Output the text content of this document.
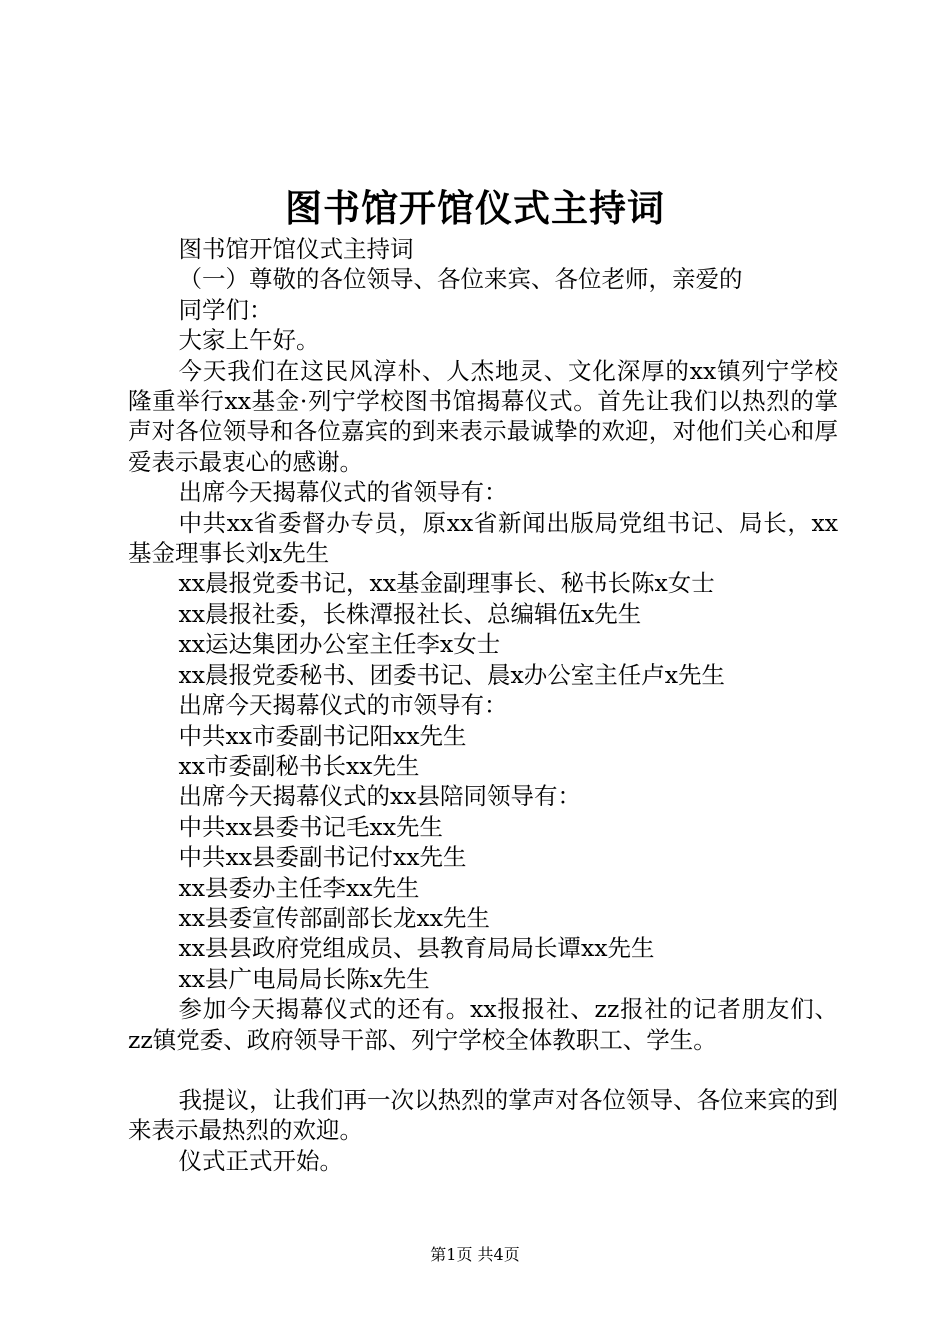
图书馆开馆仪式主持词

图书馆开馆仪式主持词

（一）尊敬的各位领导、各位来宾、各位老师，亲爱的

同学们：

大家上午好。

今天我们在这民风淳朴、人杰地灵、文化深厚的xx镇列宁学校隆重举行xx基金·列宁学校图书馆揭幕仪式。首先让我们以热烈的掌声对各位领导和各位嘉宾的到来表示最诚挚的欢迎，对他们关心和厚爱表示最衷心的感谢。

出席今天揭幕仪式的省领导有：

中共xx省委督办专员，原xx省新闻出版局党组书记、局长，xx基金理事长刘x先生

xx晨报党委书记，xx基金副理事长、秘书长陈x女士

xx晨报社委，长株潭报社长、总编辑伍x先生

xx运达集团办公室主任李x女士

xx晨报党委秘书、团委书记、晨x办公室主任卢x先生

出席今天揭幕仪式的市领导有：

中共xx市委副书记阳xx先生

xx市委副秘书长xx先生

出席今天揭幕仪式的xx县陪同领导有：

中共xx县委书记毛xx先生

中共xx县委副书记付xx先生

xx县委办主任李xx先生

xx县委宣传部副部长龙xx先生

xx县县政府党组成员、县教育局局长谭xx先生

xx县广电局局长陈x先生

参加今天揭幕仪式的还有。xx报报社、zz报社的记者朋友们、zz镇党委、政府领导干部、列宁学校全体教职工、学生。

我提议，让我们再一次以热烈的掌声对各位领导、各位来宾的到来表示最热烈的欢迎。

仪式正式开始。

第1页 共4页
